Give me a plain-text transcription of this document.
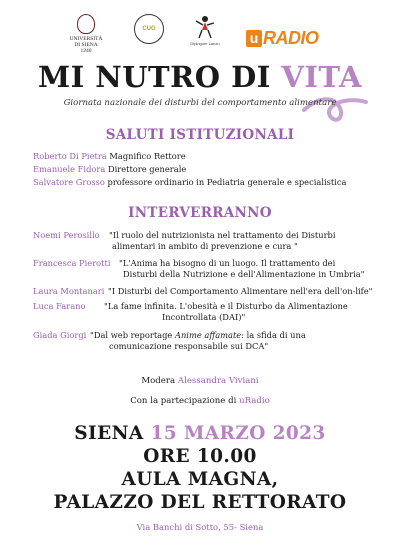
UNIVERSITÀ
DI SIENA
1240
CUG
Dipinguer Lanzu u RADIO
MI NUTRO DI VITA
Giornata nazionale dei disturbi del comportamento alimentare
SALUTI ISTITUZIONALI
Roberto Di Pietra Magnifico Rettore
Emanuele Fidora Direttore generale
Salvatore Grosso professore ordinario in Pediatria generale e specialistica
INTERVERRANNO
Noemi Perosillo "Il ruolo del nutrizionista nel trattamento dei Disturbi
alimentari in ambito di prevenzione e cura "
Francesca Pierotti "L'Anima ha bisogno di un luogo. Il trattamento dei
Disturbi della Nutrizione e dell'Alimentazione in Umbria"
Laura Montanari "I Disturbi del Comportamento Alimentare nell'era dell'on-life"
Luca Farano "La fame infinita. L'obesità e il Disturbo da Alimentazione
Incontrollata (DAI)"
Giada Giorgi "Dal web reportage Anime affamate: la sfida di una
comunicazione responsabile sui DCA"
Modera Alessandra Viviani
Con la partecipazione di uRadio
SIENA 15 MARZO 2023
ORE 10.00
AULA MAGNA,
PALAZZO DEL RETTORATO
Via Banchi di Sotto, 55- Siena
